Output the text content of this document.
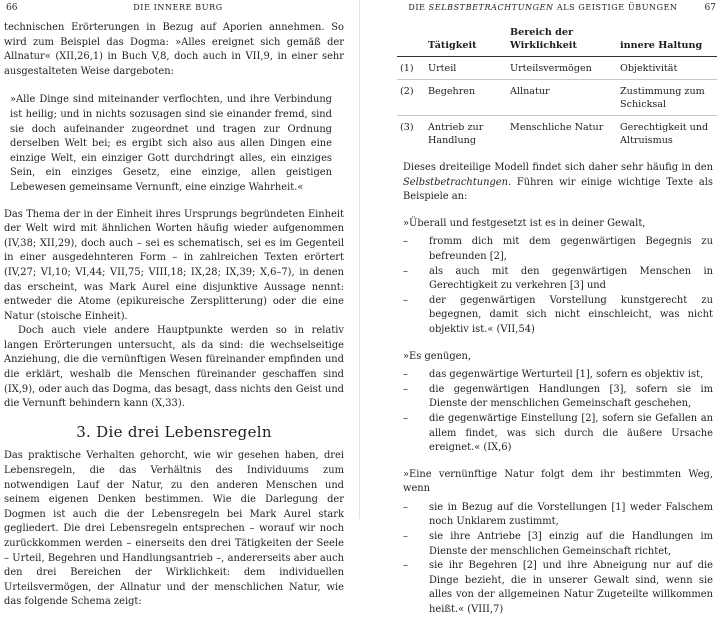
66	DIE INNERE BURG

technischen Erörterungen in Bezug auf Aporien annehmen. So wird zum Beispiel das Dogma: »Alles ereignet sich gemäß der Allnatur« (XII,26,1) in Buch V,8, doch auch in VII,9, in einer sehr ausgestalteten Weise dargeboten:

»Alle Dinge sind miteinander verflochten, und ihre Verbindung ist heilig; und in nichts sozusagen sind sie einander fremd, sind sie doch aufeinander zugeordnet und tragen zur Ordnung derselben Welt bei; es ergibt sich also aus allen Dingen eine einzige Welt, ein einziger Gott durchdringt alles, ein einziges Sein, ein einziges Gesetz, eine einzige, allen geistigen Lebewesen gemeinsame Vernunft, eine einzige Wahrheit.«

Das Thema der in der Einheit ihres Ursprungs begründeten Einheit der Welt wird mit ähnlichen Worten häufig wieder aufgenommen (IV,38; XII,29), doch auch – sei es schematisch, sei es im Gegenteil in einer ausgedehnteren Form – in zahlreichen Texten erörtert (IV,27; VI,10; VI,44; VII,75; VIII,18; IX,28; IX,39; X,6–7), in denen das erscheint, was Mark Aurel eine disjunktive Aussage nennt: entweder die Atome (epikureische Zersplitterung) oder die eine Natur (stoische Einheit).

Doch auch viele andere Hauptpunkte werden so in relativ langen Erörterungen untersucht, als da sind: die wechselseitige Anziehung, die die vernünftigen Wesen füreinander empfinden und die erklärt, weshalb die Menschen füreinander geschaffen sind (IX,9), oder auch das Dogma, das besagt, dass nichts den Geist und die Vernunft behindern kann (X,33).

3. Die drei Lebensregeln

Das praktische Verhalten gehorcht, wie wir gesehen haben, drei Lebensregeln, die das Verhältnis des Individuums zum notwendigen Lauf der Natur, zu den anderen Menschen und seinem eigenen Denken bestimmen. Wie die Darlegung der Dogmen ist auch die der Lebensregeln bei Mark Aurel stark gegliedert. Die drei Lebensregeln entsprechen – worauf wir noch zurückkommen werden – einerseits den drei Tätigkeiten der Seele – Urteil, Begehren und Handlungsantrieb –, andererseits aber auch den drei Bereichen der Wirklichkeit: dem individuellen Urteilsvermögen, der Allnatur und der menschlichen Natur, wie das folgende Schema zeigt:

DIE SELBSTBETRACHTUNGEN ALS GEISTIGE ÜBUNGEN	67
	Tätigkeit	Bereich der Wirklichkeit	innere Haltung
(1)	Urteil	Urteilsvermögen	Objektivität
(2)	Begehren	Allnatur	Zustimmung zum Schicksal
(3)	Antrieb zur Handlung	Menschliche Natur	Gerechtigkeit und Altruismus

Dieses dreiteilige Modell findet sich daher sehr häufig in den Selbstbetrachtungen. Führen wir einige wichtige Texte als Beispiele an:

»Überall und festgesetzt ist es in deiner Gewalt,

– fromm dich mit dem gegenwärtigen Begegnis zu befreunden [2],
– als auch mit den gegenwärtigen Menschen in Gerechtigkeit zu verkehren [3] und
– der gegenwärtigen Vorstellung kunstgerecht zu begegnen, damit sich nicht einschleicht, was nicht objektiv ist.« (VII,54)

»Es genügen,

– das gegenwärtige Werturteil [1], sofern es objektiv ist,
– die gegenwärtigen Handlungen [3], sofern sie im Dienste der menschlichen Gemeinschaft geschehen,
– die gegenwärtige Einstellung [2], sofern sie Gefallen an allem findet, was sich durch die äußere Ursache ereignet.« (IX,6)

»Eine vernünftige Natur folgt dem ihr bestimmten Weg, wenn

– sie in Bezug auf die Vorstellungen [1] weder Falschem noch Unklarem zustimmt,
– sie ihre Antriebe [3] einzig auf die Handlungen im Dienste der menschlichen Gemeinschaft richtet,
– sie ihr Begehren [2] und ihre Abneigung nur auf die Dinge bezieht, die in unserer Gewalt sind, wenn sie alles von der allgemeinen Natur Zugeteilte willkommen heißt.« (VIII,7)
